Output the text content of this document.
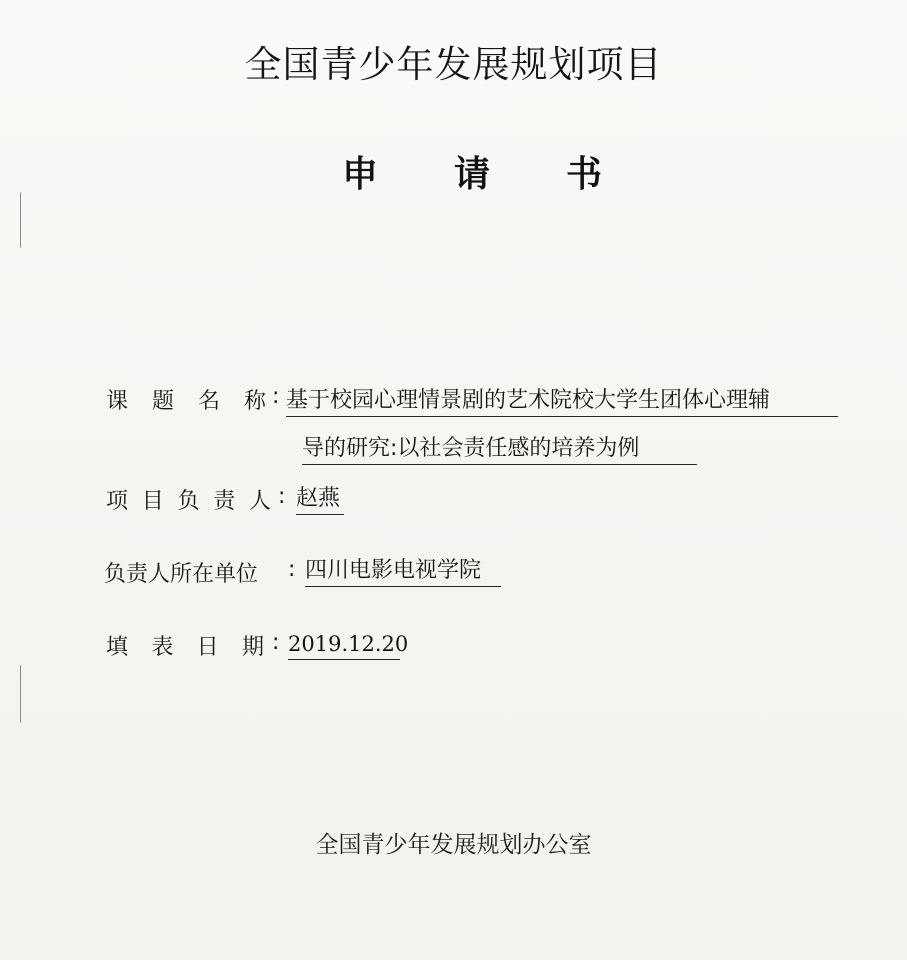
全国青少年发展规划项目
申 请 书
课 题 名 称 : 基于校园心理情景剧的艺术院校大学生团体心理辅
导的研究:以社会责任感的培养为例
项 目 负 责 人 : 赵燕
负责人所在单位 : 四川电影电视学院
填 表 日 期 : 2019.12.20
全国青少年发展规划办公室
